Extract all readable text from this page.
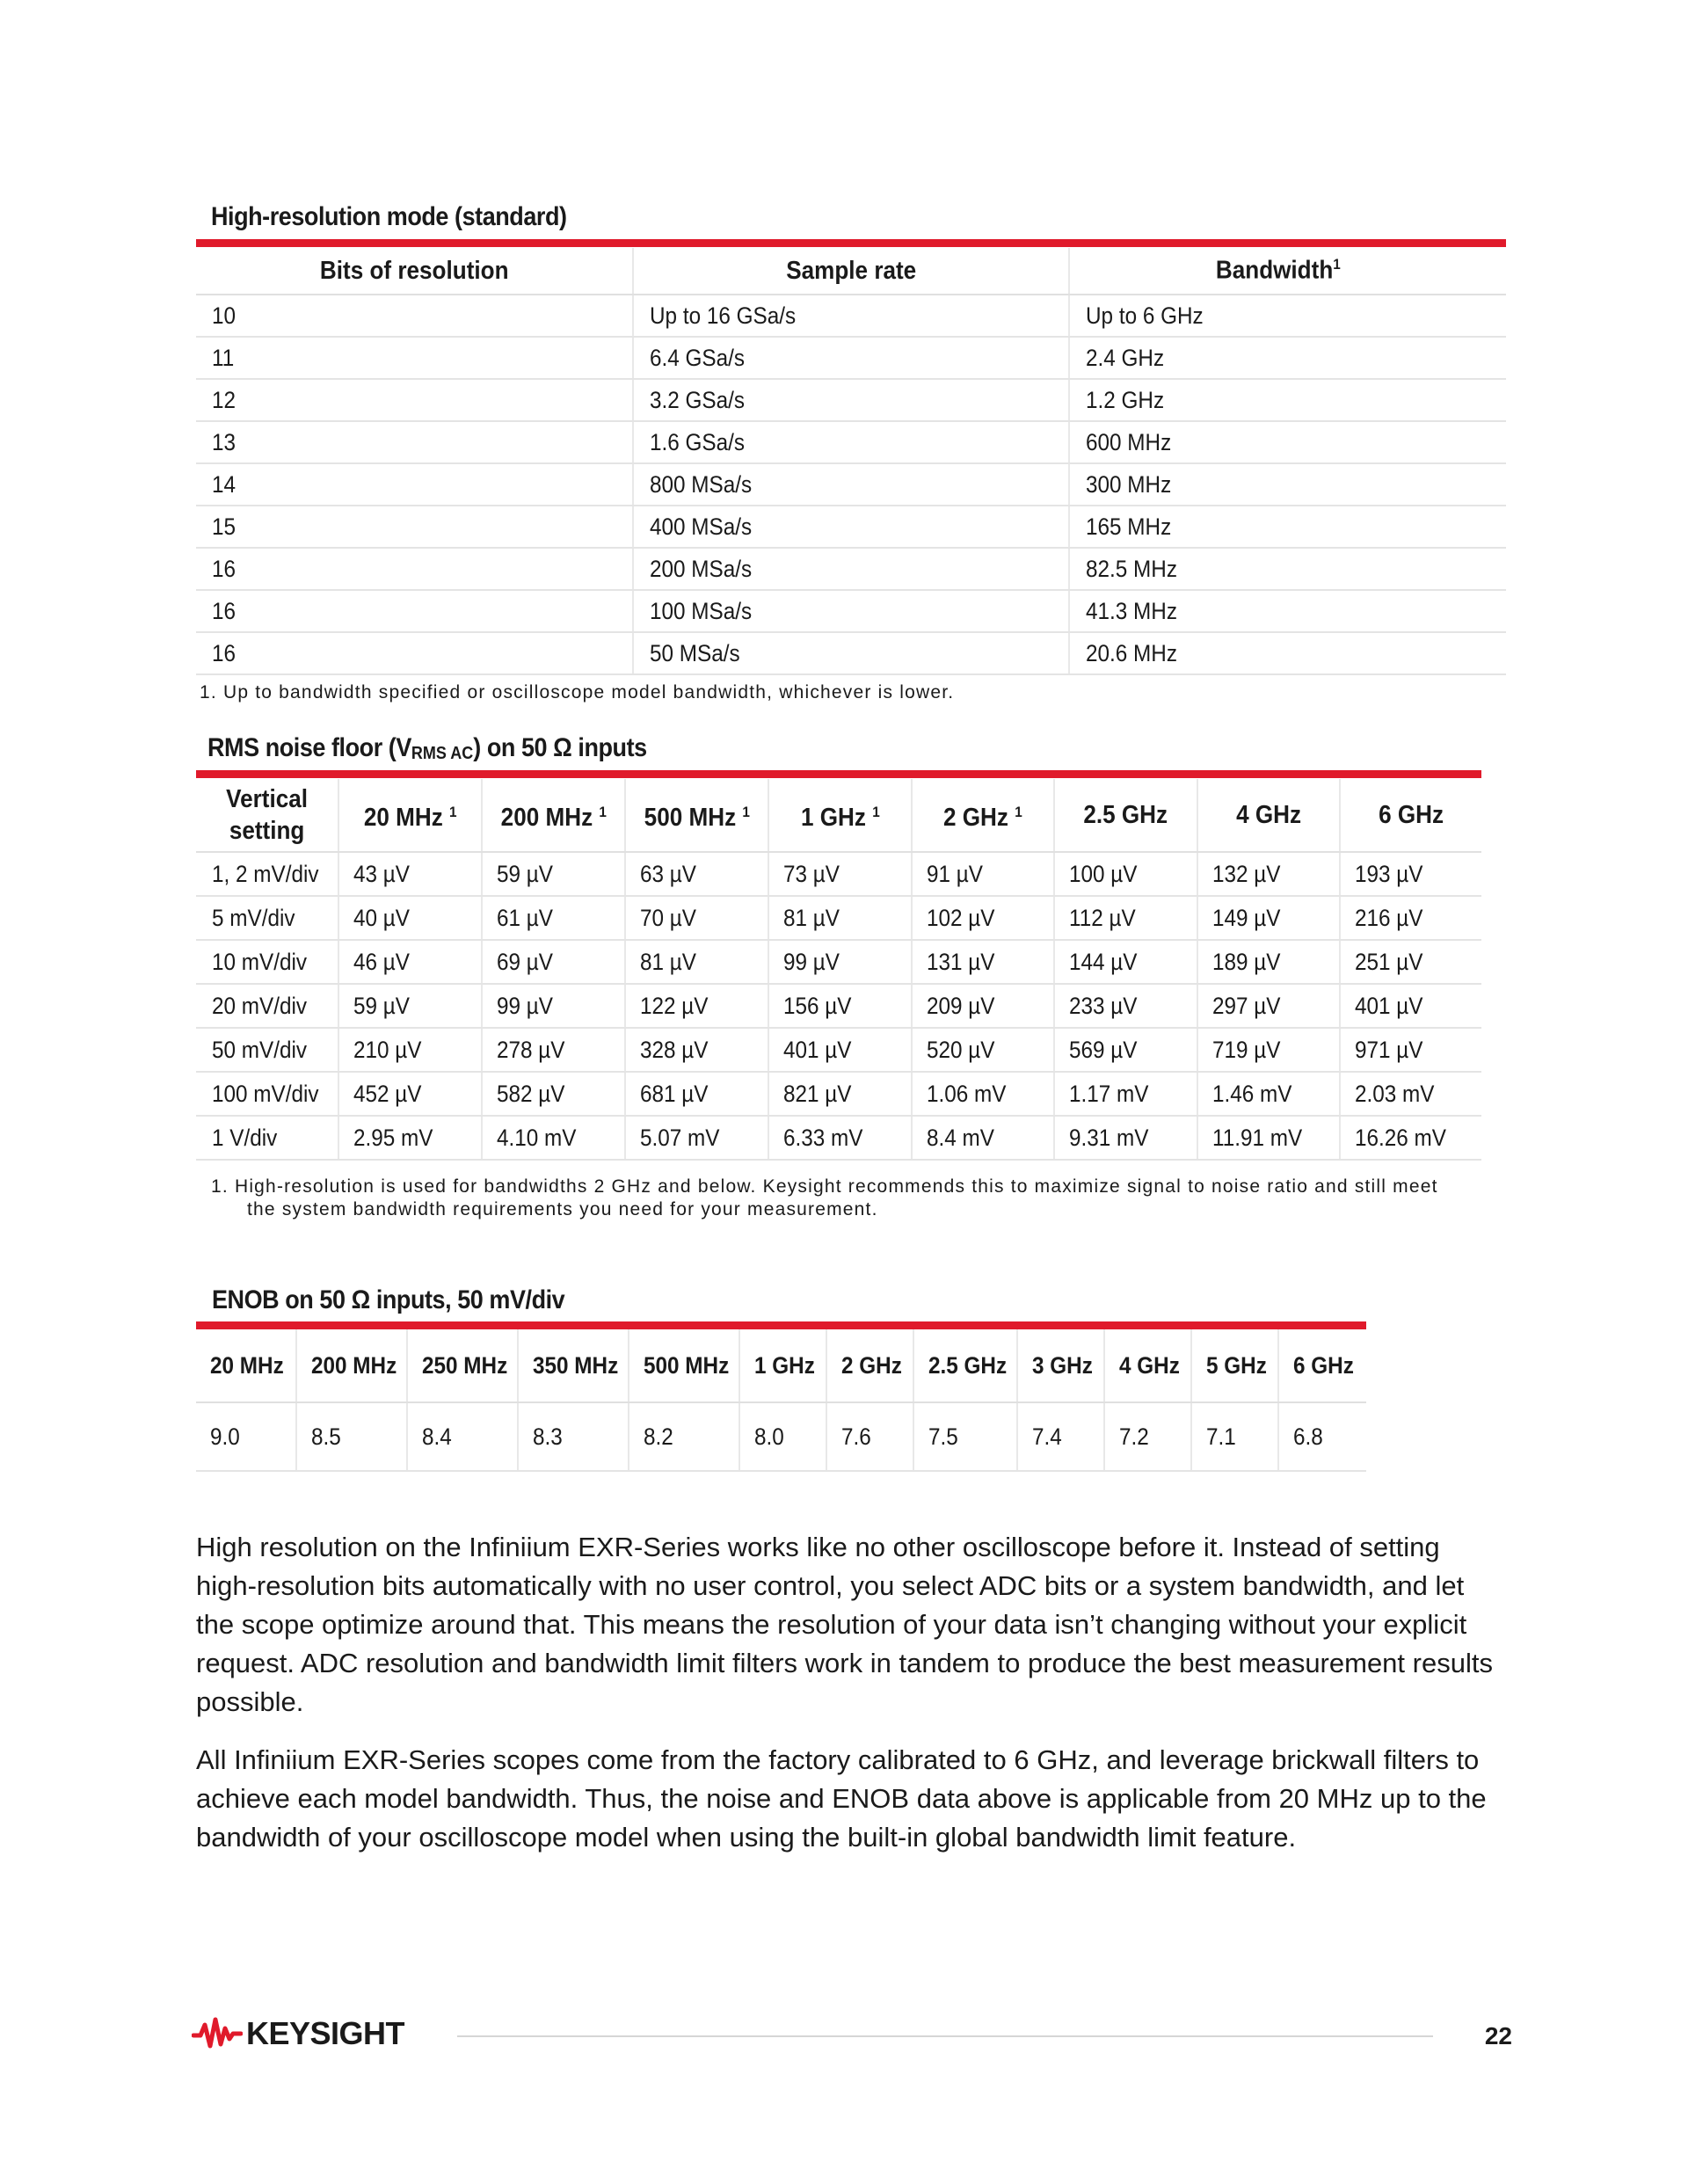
High-resolution mode (standard)
Bits of resolution	Sample rate	Bandwidth$^1$
10	Up to 16 GSa/s	Up to 6 GHz
11	6.4 GSa/s	2.4 GHz
12	3.2 GSa/s	1.2 GHz
13	1.6 GSa/s	600 MHz
14	800 MSa/s	300 MHz
15	400 MSa/s	165 MHz
16	200 MSa/s	82.5 MHz
16	100 MSa/s	41.3 MHz
16	50 MSa/s	20.6 MHz
1. Up to bandwidth specified or oscilloscope model bandwidth, whichever is lower.
RMS noise floor $(V_{RMS AC})$ on 50 Ω inputs
Vertical
setting	20 MHz $^1$	200 MHz $^1$	500 MHz $^1$	1 GHz $^1$	2 GHz $^1$	2.5 GHz	4 GHz	6 GHz
1, 2 mV/div	43 µV	59 µV	63 µV	73 µV	91 µV	100 µV	132 µV	193 µV
5 mV/div	40 µV	61 µV	70 µV	81 µV	102 µV	112 µV	149 µV	216 µV
10 mV/div	46 µV	69 µV	81 µV	99 µV	131 µV	144 µV	189 µV	251 µV
20 mV/div	59 µV	99 µV	122 µV	156 µV	209 µV	233 µV	297 µV	401 µV
50 mV/div	210 µV	278 µV	328 µV	401 µV	520 µV	569 µV	719 µV	971 µV
100 mV/div	452 µV	582 µV	681 µV	821 µV	1.06 mV	1.17 mV	1.46 mV	2.03 mV
1 V/div	2.95 mV	4.10 mV	5.07 mV	6.33 mV	8.4 mV	9.31 mV	11.91 mV	16.26 mV
1. High-resolution is used for bandwidths 2 GHz and below. Keysight recommends this to maximize signal to noise ratio and still meet
the system bandwidth requirements you need for your measurement.
ENOB on 50 Ω inputs, 50 mV/div
20 MHz	200 MHz	250 MHz	350 MHz	500 MHz	1 GHz	2 GHz	2.5 GHz	3 GHz	4 GHz	5 GHz	6 GHz
9.0	8.5	8.4	8.3	8.2	8.0	7.6	7.5	7.4	7.2	7.1	6.8

High resolution on the Infiniium EXR-Series works like no other oscilloscope before it. Instead of setting high-resolution bits automatically with no user control, you select ADC bits or a system bandwidth, and let the scope optimize around that. This means the resolution of your data isn’t changing without your explicit request. ADC resolution and bandwidth limit filters work in tandem to produce the best measurement results possible.

All Infiniium EXR-Series scopes come from the factory calibrated to 6 GHz, and leverage brickwall filters to achieve each model bandwidth. Thus, the noise and ENOB data above is applicable from 20 MHz up to the bandwidth of your oscilloscope model when using the built-in global bandwidth limit feature.

KEYSIGHT	22
